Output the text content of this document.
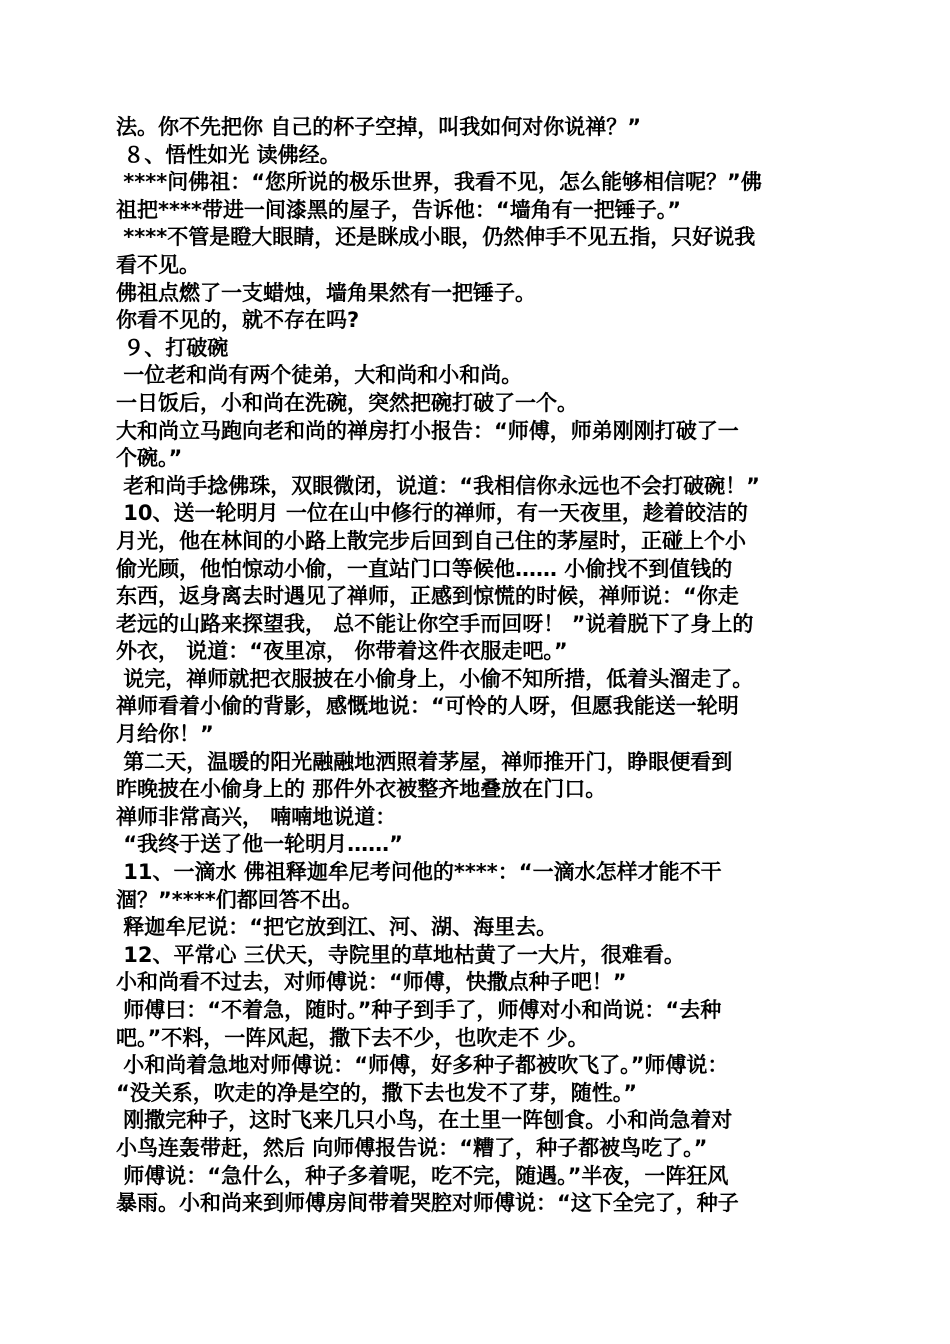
法。你不先把你 自己的杯子空掉，叫我如何对你说禅？”
８、悟性如光 读佛经。
****问佛祖：“您所说的极乐世界，我看不见，怎么能够相信呢？”佛
祖把****带进一间漆黑的屋子，告诉他：“墙角有一把锤子。”
****不管是瞪大眼睛，还是眯成小眼，仍然伸手不见五指，只好说我
看不见。
佛祖点燃了一支蜡烛，墙角果然有一把锤子。
你看不见的，就不存在吗?
９、打破碗
一位老和尚有两个徒弟，大和尚和小和尚。
一日饭后，小和尚在洗碗，突然把碗打破了一个。
大和尚立马跑向老和尚的禅房打小报告：“师傅，师弟刚刚打破了一
个碗。”
老和尚手捻佛珠，双眼微闭，说道：“我相信你永远也不会打破碗！”
10、送一轮明月 一位在山中修行的禅师，有一天夜里，趁着皎洁的
月光，他在林间的小路上散完步后回到自己住的茅屋时，正碰上个小
偷光顾，他怕惊动小偷，一直站门口等候他…… 小偷找不到值钱的
东西，返身离去时遇见了禅师，正感到惊慌的时候，禅师说：“你走
老远的山路来探望我， 总不能让你空手而回呀！ ”说着脱下了身上的
外衣， 说道：“夜里凉， 你带着这件衣服走吧。”
说完，禅师就把衣服披在小偷身上，小偷不知所措，低着头溜走了。
禅师看着小偷的背影，感慨地说：“可怜的人呀，但愿我能送一轮明
月给你！”
第二天，温暖的阳光融融地洒照着茅屋，禅师推开门，睁眼便看到
昨晚披在小偷身上的 那件外衣被整齐地叠放在门口。
禅师非常高兴， 喃喃地说道：
“我终于送了他一轮明月……”
11、一滴水 佛祖释迦牟尼考问他的****：“一滴水怎样才能不干
涸？”****们都回答不出。
释迦牟尼说：“把它放到江、河、湖、海里去。
12、平常心 三伏天，寺院里的草地枯黄了一大片，很难看。
小和尚看不过去，对师傅说：“师傅，快撒点种子吧！”
师傅曰：“不着急，随时。”种子到手了，师傅对小和尚说：“去种
吧。”不料，一阵风起，撒下去不少，也吹走不 少。
小和尚着急地对师傅说：“师傅，好多种子都被吹飞了。”师傅说：
“没关系，吹走的净是空的，撒下去也发不了芽，随性。”
刚撒完种子，这时飞来几只小鸟，在土里一阵刨食。小和尚急着对
小鸟连轰带赶，然后 向师傅报告说：“糟了，种子都被鸟吃了。”
师傅说：“急什么，种子多着呢，吃不完，随遇。”半夜，一阵狂风
暴雨。小和尚来到师傅房间带着哭腔对师傅说：“这下全完了，种子
